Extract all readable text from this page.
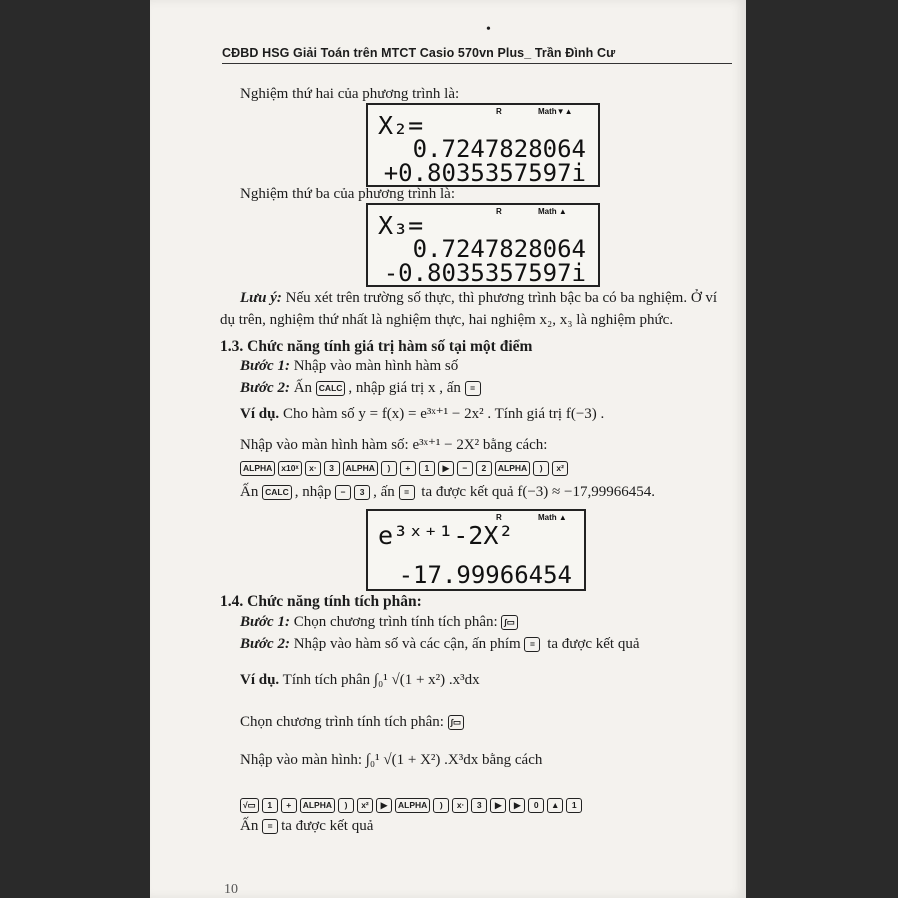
•
CĐBD HSG Giải Toán trên MTCT Casio 570vn Plus_ Trần Đình Cư
Nghiệm thứ hai của phương trình là:
R	Math▼▲
X₂=
0.7247828064
+0.8035357597i
Nghiệm thứ ba của phương trình là:
R	Math ▲
X₃=
0.7247828064
-0.8035357597i
Lưu ý: Nếu xét trên trường số thực, thì phương trình bậc ba có ba nghiệm. Ở ví
dụ trên, nghiệm thứ nhất là nghiệm thực, hai nghiệm x₂, x₃ là nghiệm phức.
1.3. Chức năng tính giá trị hàm số tại một điểm
Bước 1: Nhập vào màn hình hàm số
Bước 2: Ấn CALC , nhập giá trị x , ấn =
Ví dụ. Cho hàm số y = f(x) = e³ˣ⁺¹ − 2x² . Tính giá trị f(−3) .
Nhập vào màn hình hàm số: e³ˣ⁺¹ − 2X² bằng cách:
ALPHA x10ˣ xᐧ 3 ALPHA ) + 1 ▶ − 2 ALPHA ) x²
Ấn CALC , nhập − 3 , ấn = ta được kết quả f(−3) ≈ −17,99966454.
R	Math ▲
e³ˣ⁺¹-2X²
-17.99966454
1.4. Chức năng tính tích phân:
Bước 1: Chọn chương trình tính tích phân: ∫▭
Bước 2: Nhập vào hàm số và các cận, ấn phím = ta được kết quả
Ví dụ. Tính tích phân ∫₀¹ √(1 + x²) .x³dx
Chọn chương trình tính tích phân: ∫▭
Nhập vào màn hình: ∫₀¹ √(1 + X²) .X³dx bằng cách
√▭ 1 + ALPHA ) x² ▶ ALPHA ) xᐧ 3 ▶ ▶ 0 ▲ 1
Ấn = ta được kết quả
10
